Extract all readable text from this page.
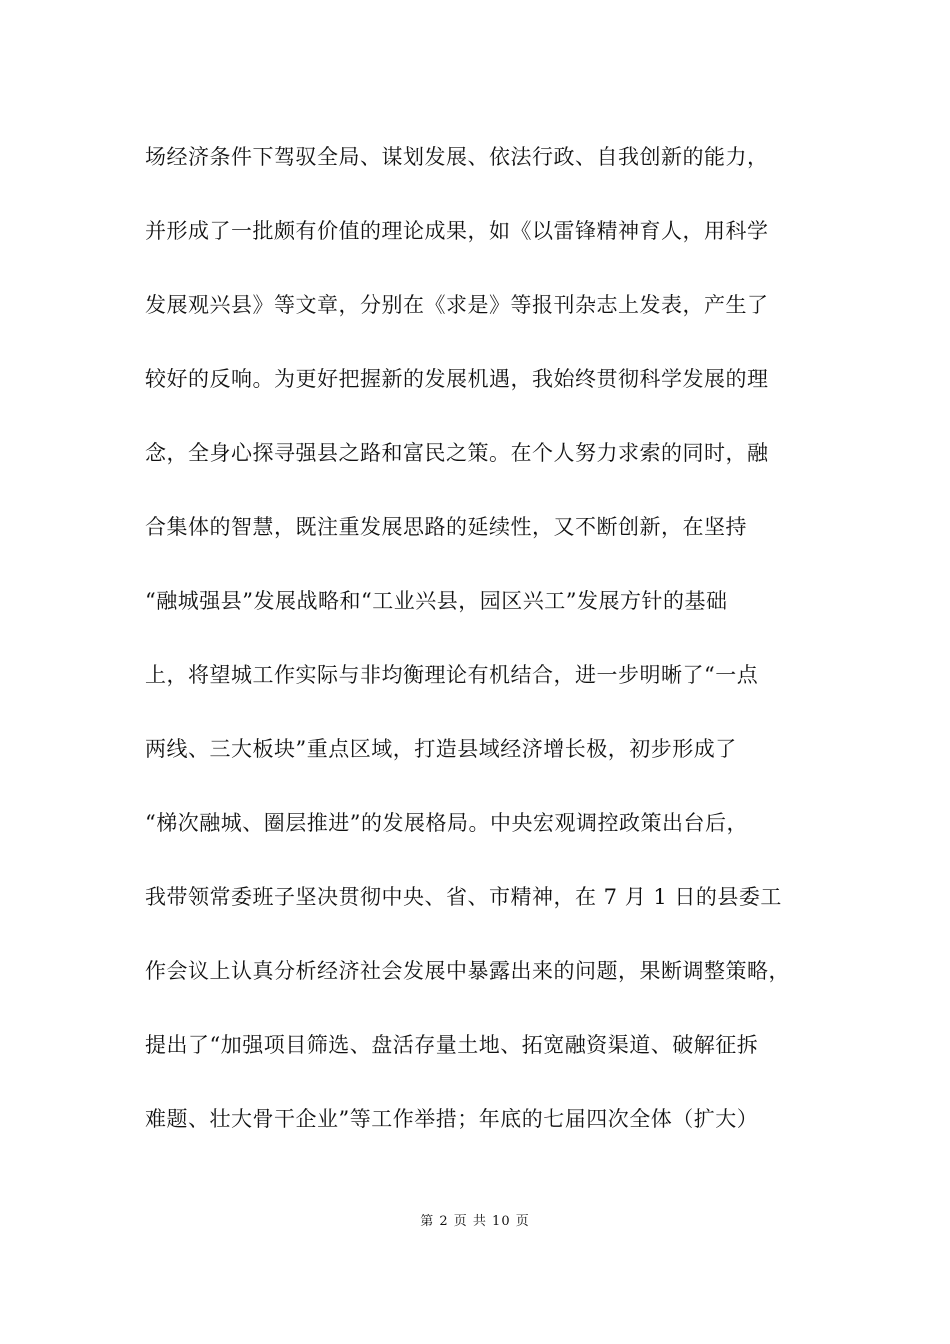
场经济条件下驾驭全局、谋划发展、依法行政、自我创新的能力，
并形成了一批颇有价值的理论成果，如《以雷锋精神育人，用科学
发展观兴县》等文章，分别在《求是》等报刊杂志上发表，产生了
较好的反响。为更好把握新的发展机遇，我始终贯彻科学发展的理
念，全身心探寻强县之路和富民之策。在个人努力求索的同时，融
合集体的智慧，既注重发展思路的延续性，又不断创新，在坚持
“融城强县”发展战略和“工业兴县，园区兴工”发展方针的基础
上，将望城工作实际与非均衡理论有机结合，进一步明晰了“一点
两线、三大板块”重点区域，打造县域经济增长极，初步形成了
“梯次融城、圈层推进”的发展格局。中央宏观调控政策出台后，
我带领常委班子坚决贯彻中央、省、市精神，在 7 月 1 日的县委工
作会议上认真分析经济社会发展中暴露出来的问题，果断调整策略，
提出了“加强项目筛选、盘活存量土地、拓宽融资渠道、破解征拆
难题、壮大骨干企业”等工作举措；年底的七届四次全体（扩大）
第 2 页 共 10 页
